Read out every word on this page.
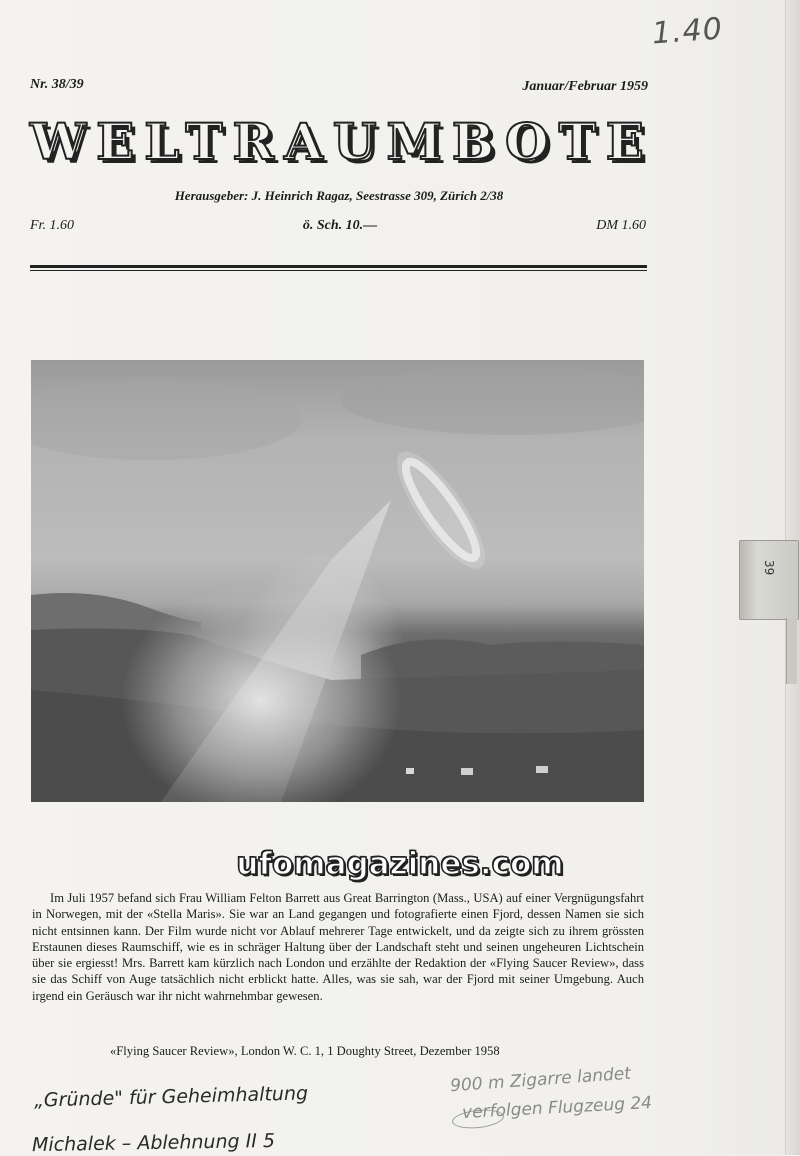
1.40
Nr. 38/39	Januar/Februar 1959
WELTRAUMBOTE
Herausgeber: J. Heinrich Ragaz, Seestrasse 309, Zürich 2/38
Fr. 1.60	ö. Sch. 10.—	DM 1.60
ufomagazines.com
Im Juli 1957 befand sich Frau William Felton Barrett aus Great Barrington (Mass., USA) auf einer Vergnügungsfahrt in Norwegen, mit der «Stella Maris». Sie war an Land gegangen und fotografierte einen Fjord, dessen Namen sie sich nicht entsinnen kann. Der Film wurde nicht vor Ablauf mehrerer Tage entwickelt, und da zeigte sich zu ihrem grössten Erstaunen dieses Raumschiff, wie es in schräger Haltung über der Landschaft steht und seinen ungeheuren Lichtschein über sie ergiesst! Mrs. Barrett kam kürzlich nach London und erzählte der Redaktion der «Flying Saucer Review», dass sie das Schiff von Auge tatsächlich nicht erblickt hatte. Alles, was sie sah, war der Fjord mit seiner Umgebung. Auch irgend ein Geräusch war ihr nicht wahrnehmbar gewesen.
«Flying Saucer Review», London W. C. 1, 1 Doughty Street, Dezember 1958
„Gründe" für Geheimhaltung
Michalek – Ablehnung II 5
900 m Zigarre landet
verfolgen Flugzeug 24
39
